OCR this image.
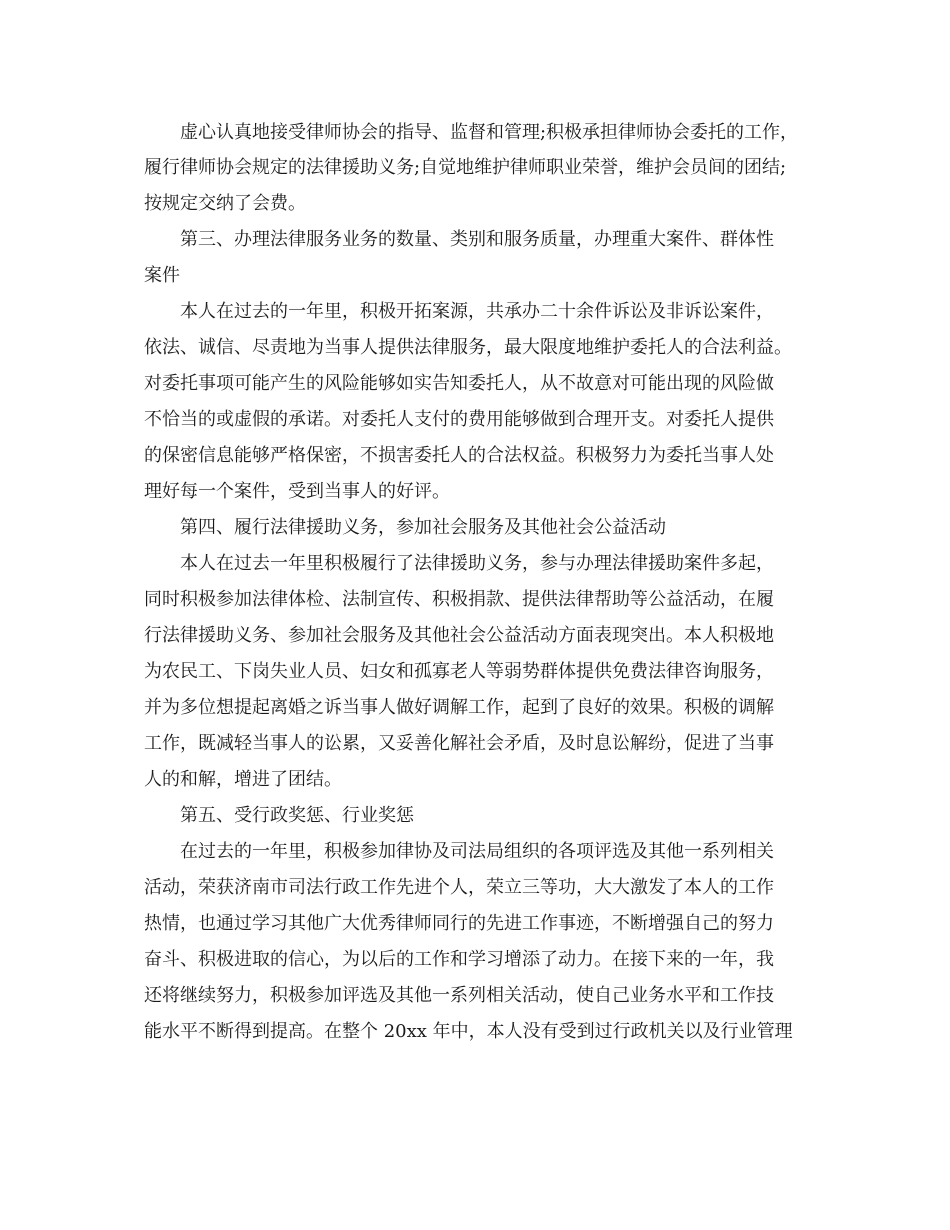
虚心认真地接受律师协会的指导、监督和管理;积极承担律师协会委托的工作，
履行律师协会规定的法律援助义务;自觉地维护律师职业荣誉，维护会员间的团结;
按规定交纳了会费。
第三、办理法律服务业务的数量、类别和服务质量，办理重大案件、群体性
案件
本人在过去的一年里，积极开拓案源，共承办二十余件诉讼及非诉讼案件，
依法、诚信、尽责地为当事人提供法律服务，最大限度地维护委托人的合法利益。
对委托事项可能产生的风险能够如实告知委托人，从不故意对可能出现的风险做
不恰当的或虚假的承诺。对委托人支付的费用能够做到合理开支。对委托人提供
的保密信息能够严格保密，不损害委托人的合法权益。积极努力为委托当事人处
理好每一个案件，受到当事人的好评。
第四、履行法律援助义务，参加社会服务及其他社会公益活动
本人在过去一年里积极履行了法律援助义务，参与办理法律援助案件多起，
同时积极参加法律体检、法制宣传、积极捐款、提供法律帮助等公益活动，在履
行法律援助义务、参加社会服务及其他社会公益活动方面表现突出。本人积极地
为农民工、下岗失业人员、妇女和孤寡老人等弱势群体提供免费法律咨询服务，
并为多位想提起离婚之诉当事人做好调解工作，起到了良好的效果。积极的调解
工作，既减轻当事人的讼累，又妥善化解社会矛盾，及时息讼解纷，促进了当事
人的和解，增进了团结。
第五、受行政奖惩、行业奖惩
在过去的一年里，积极参加律协及司法局组织的各项评选及其他一系列相关
活动，荣获济南市司法行政工作先进个人，荣立三等功，大大激发了本人的工作
热情，也通过学习其他广大优秀律师同行的先进工作事迹，不断增强自己的努力
奋斗、积极进取的信心，为以后的工作和学习增添了动力。在接下来的一年，我
还将继续努力，积极参加评选及其他一系列相关活动，使自己业务水平和工作技
能水平不断得到提高。在整个 20xx 年中，本人没有受到过行政机关以及行业管理
